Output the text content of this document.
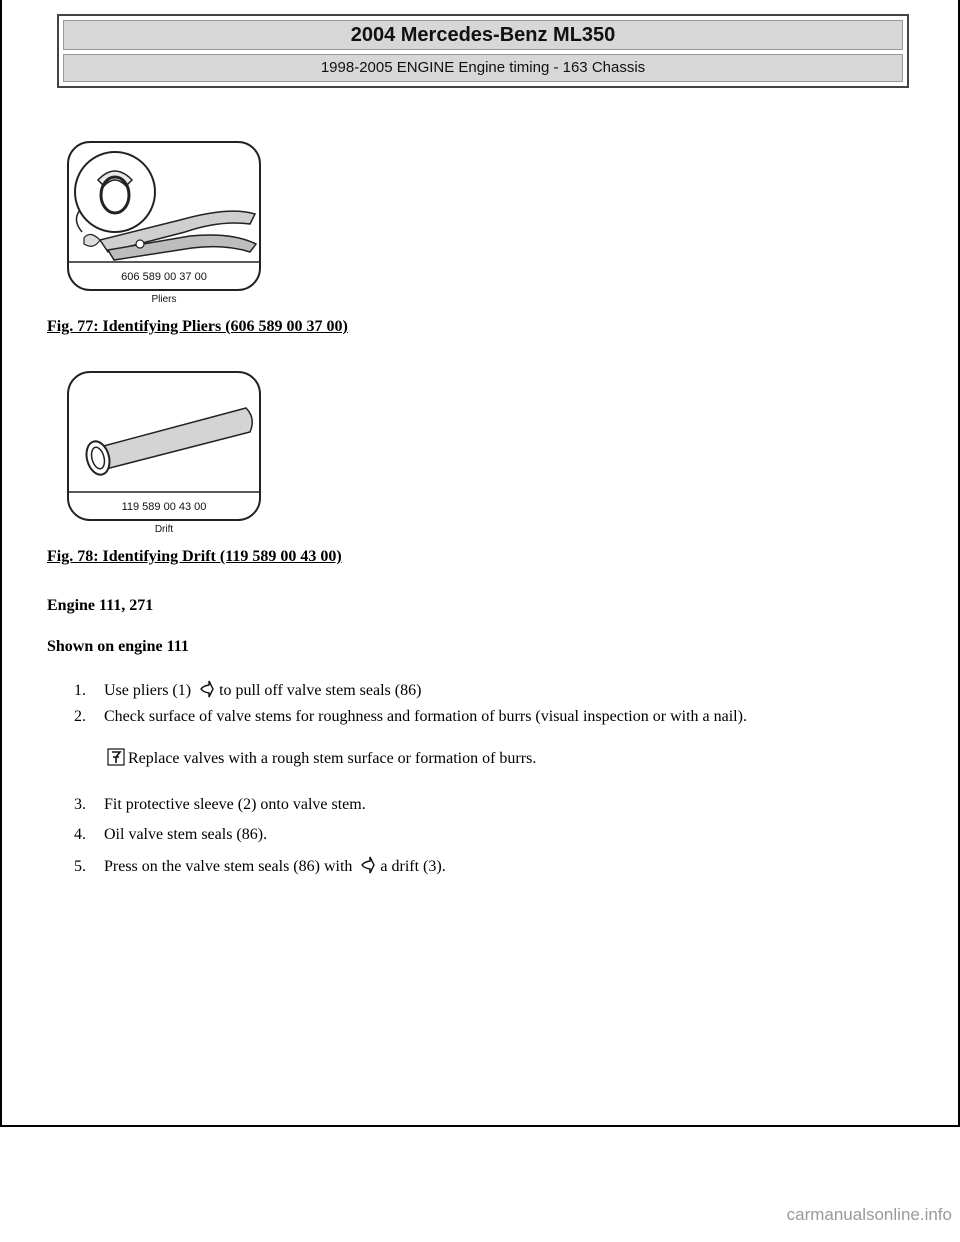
2004 Mercedes-Benz ML350
1998-2005 ENGINE Engine timing - 163 Chassis
606 589 00 37 00
Pliers
Fig. 77: Identifying Pliers (606 589 00 37 00)
119 589 00 43 00
Drift
Fig. 78: Identifying Drift (119 589 00 43 00)
Engine 111, 271
Shown on engine 111
1. Use pliers (1) to pull off valve stem seals (86)
2. Check surface of valve stems for roughness and formation of burrs (visual inspection or with a nail).
Replace valves with a rough stem surface or formation of burrs.
3. Fit protective sleeve (2) onto valve stem.
4. Oil valve stem seals (86).
5. Press on the valve stem seals (86) with a drift (3).
carmanualsonline.info
